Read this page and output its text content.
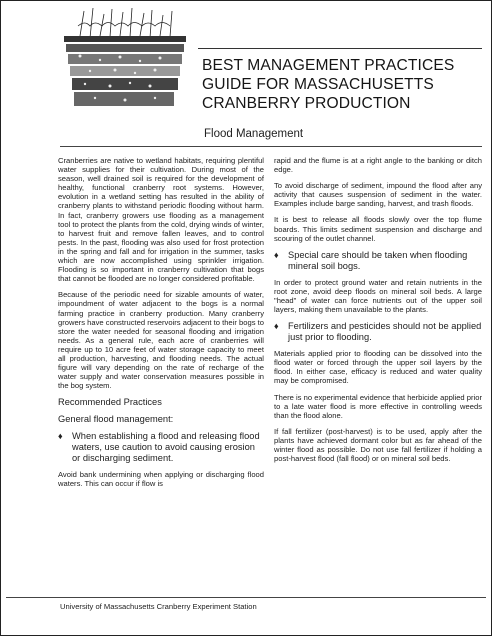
BEST MANAGEMENT PRACTICES
GUIDE FOR MASSACHUSETTS
CRANBERRY PRODUCTION
Flood Management

Cranberries are native to wetland habitats, requiring plentiful water supplies for their cultivation. During most of the season, well drained soil is required for the development of healthy, functional cranberry root systems. However, evolution in a wetland setting has resulted in the ability of cranberry plants to withstand periodic flooding without harm. In fact, cranberry growers use flooding as a management tool to protect the plants from the cold, drying winds of winter, to harvest fruit and remove fallen leaves, and to control pests. In the past, flooding was also used for frost protection in the spring and fall and for irrigation in the summer, tasks which are now accomplished using sprinkler irrigation. Flooding is so important in cranberry cultivation that bogs that cannot be flooded are no longer considered profitable.

Because of the periodic need for sizable amounts of water, impoundment of water adjacent to the bogs is a normal farming practice in cranberry production. Many cranberry growers have constructed reservoirs adjacent to their bogs to store the water needed for seasonal flooding and irrigation needs. As a general rule, each acre of cranberries will require up to 10 acre feet of water storage capacity to meet all production, harvesting, and flooding needs. The actual figure will vary depending on the rate of recharge of the water supply and water conservation measures possible in the bog system.

Recommended Practices
General flood management:
♦ When establishing a flood and releasing flood waters, use caution to avoid causing erosion or discharging sediment.

Avoid bank undermining when applying or discharging flood waters. This can occur if flow is

rapid and the flume is at a right angle to the banking or ditch edge.

To avoid discharge of sediment, impound the flood after any activity that causes suspension of sediment in the water. Examples include barge sanding, harvest, and trash floods.

It is best to release all floods slowly over the top flume boards. This limits sediment suspension and discharge and scouring of the outlet channel.

♦ Special care should be taken when flooding mineral soil bogs.

In order to protect ground water and retain nutrients in the root zone, avoid deep floods on mineral soil beds. A large "head" of water can force nutrients out of the upper soil layers, making them unavailable to the plants.

♦ Fertilizers and pesticides should not be applied just prior to flooding.

Materials applied prior to flooding can be dissolved into the flood water or forced through the upper soil layers by the flood. In either case, efficacy is reduced and water quality may be compromised.

There is no experimental evidence that herbicide applied prior to a late water flood is more effective in controlling weeds than the flood alone.

If fall fertilizer (post-harvest) is to be used, apply after the plants have achieved dormant color but as far ahead of the winter flood as possible. Do not use fall fertilizer if holding a post-harvest flood (fall flood) or on mineral soil beds.

University of Massachusetts Cranberry Experiment Station
